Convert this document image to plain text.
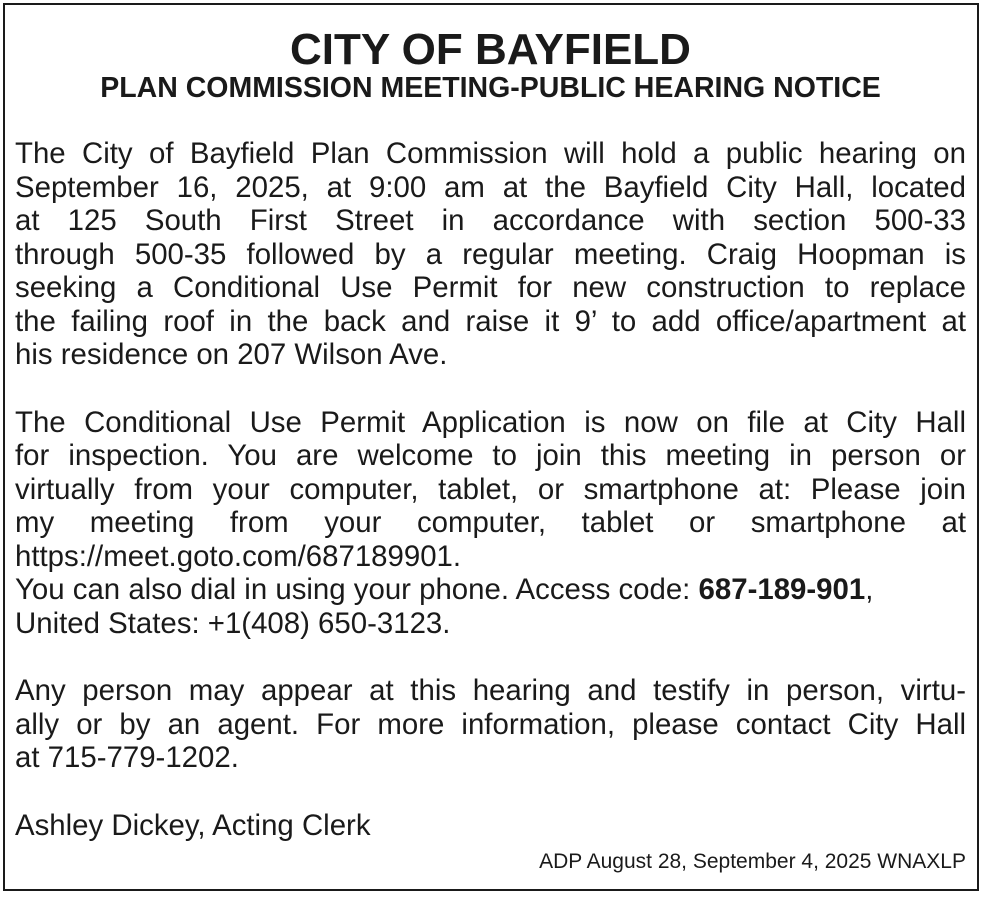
CITY OF BAYFIELD
PLAN COMMISSION MEETING-PUBLIC HEARING NOTICE
The City of Bayfield Plan Commission will hold a public hearing on
September 16, 2025, at 9:00 am at the Bayfield City Hall, located
at 125 South First Street in accordance with section 500-33
through 500-35 followed by a regular meeting. Craig Hoopman is
seeking a Conditional Use Permit for new construction to replace
the failing roof in the back and raise it 9’ to add office/apartment at
his residence on 207 Wilson Ave.
The Conditional Use Permit Application is now on file at City Hall
for inspection. You are welcome to join this meeting in person or
virtually from your computer, tablet, or smartphone at: Please join
my meeting from your computer, tablet or smartphone at
https://meet.goto.com/687189901.
You can also dial in using your phone. Access code: 687-189-901,
United States: +1(408) 650-3123.
Any person may appear at this hearing and testify in person, virtu-
ally or by an agent. For more information, please contact City Hall
at 715-779-1202.
Ashley Dickey, Acting Clerk
ADP August 28, September 4, 2025 WNAXLP
